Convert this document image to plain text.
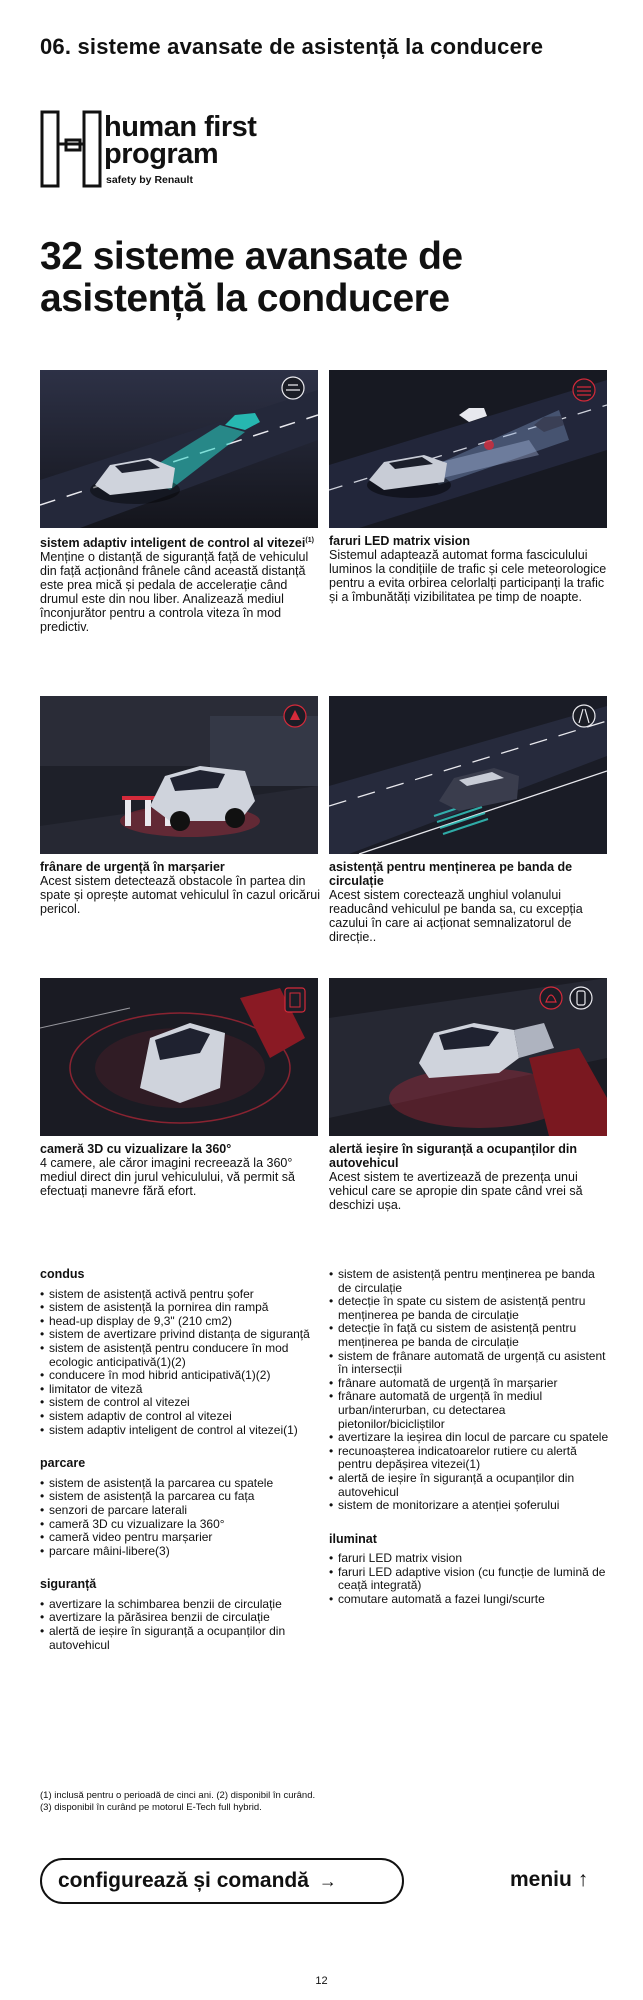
06. sisteme avansate de asistență la conducere
human first
program
safety by Renault
32 sisteme avansate de asistență la conducere
sistem adaptiv inteligent de control al vitezei$^{(1)}$
Menține o distanță de siguranță față de vehiculul din față acționând frânele când această distanță este prea mică și pedala de accelerație când drumul este din nou liber. Analizează mediul înconjurător pentru a controla viteza în mod predictiv.
faruri LED matrix vision
Sistemul adaptează automat forma fasciculului luminos la condițiile de trafic și cele meteorologice pentru a evita orbirea celorlalți participanți la trafic și a îmbunătăți vizibilitatea pe timp de noapte.
frânare de urgență în marșarier
Acest sistem detectează obstacole în partea din spate și oprește automat vehiculul în cazul oricărui pericol.
asistență pentru menținerea pe banda de circulație
Acest sistem corectează unghiul volanului readucând vehiculul pe banda sa, cu excepția cazului în care ai acționat semnalizatorul de direcție..
cameră 3D cu vizualizare la 360°
4 camere, ale căror imagini recreează la 360° mediul direct din jurul vehiculului, vă permit să efectuați manevre fără efort.
alertă ieșire în siguranță a ocupanților din autovehicul
Acest sistem te avertizează de prezența unui vehicul care se apropie din spate când vrei să deschizi ușa.
condus
• sistem de asistență activă pentru șofer
• sistem de asistență la pornirea din rampă
• head-up display de 9,3" (210 cm2)
• sistem de avertizare privind distanța de siguranță
• sistem de asistență pentru conducere în mod ecologic anticipativă(1)(2)
• conducere în mod hibrid anticipativă(1)(2)
• limitator de viteză
• sistem de control al vitezei
• sistem adaptiv de control al vitezei
• sistem adaptiv inteligent de control al vitezei(1)
parcare
• sistem de asistență la parcarea cu spatele
• sistem de asistență la parcarea cu fața
• senzori de parcare laterali
• cameră 3D cu vizualizare la 360°
• cameră video pentru marșarier
• parcare mâini-libere(3)
siguranță
• avertizare la schimbarea benzii de circulație
• avertizare la părăsirea benzii de circulație
• alertă de ieșire în siguranță a ocupanților din autovehicul
• sistem de asistență pentru menținerea pe banda de circulație
• detecție în spate cu sistem de asistență pentru menținerea pe banda de circulație
• detecție în față cu sistem de asistență pentru menținerea pe banda de circulație
• sistem de frânare automată de urgență cu asistent în intersecții
• frânare automată de urgență în marșarier
• frânare automată de urgență în mediul urban/interurban, cu detectarea pietonilor/bicicliștilor
• avertizare la ieșirea din locul de parcare cu spatele
• recunoașterea indicatoarelor rutiere cu alertă pentru depășirea vitezei(1)
• alertă de ieșire în siguranță a ocupanților din autovehicul
• sistem de monitorizare a atenției șoferului
iluminat
• faruri LED matrix vision
• faruri LED adaptive vision (cu funcție de lumină de ceață integrată)
• comutare automată a fazei lungi/scurte
(1) inclusă pentru o perioadă de cinci ani. (2) disponibil în curând.
(3) disponibil în curând pe motorul E-Tech full hybrid.
configurează și comandă →	meniu ↑
12
